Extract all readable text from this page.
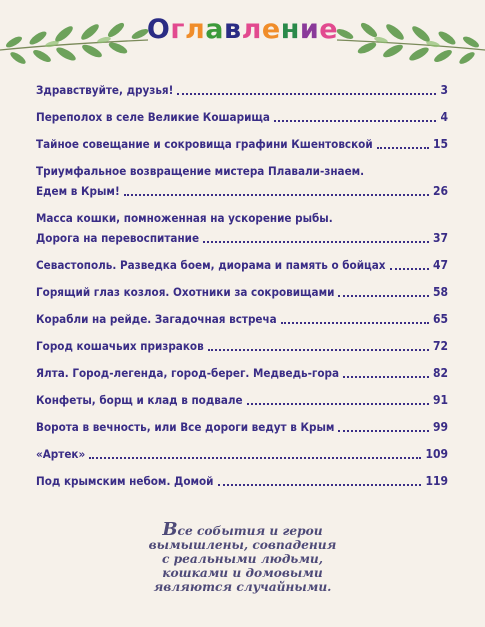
Оглавление
Здравствуйте, друзья!	3
Переполох в селе Великие Кошарища	4
Тайное совещание и сокровища графини Кшентовской	15
Триумфальное возвращение мистера Плавали-знаем.
Едем в Крым!	26
Масса кошки, помноженная на ускорение рыбы.
Дорога на перевоспитание	37
Севастополь. Разведка боем, диорама и память о бойцах	47
Горящий глаз козлоя. Охотники за сокровищами	58
Корабли на рейде. Загадочная встреча	65
Город кошачьих призраков	72
Ялта. Город-легенда, город-берег. Медведь-гора	82
Конфеты, борщ и клад в подвале	91
Ворота в вечность, или Все дороги ведут в Крым	99
«Артек»	109
Под крымским небом. Домой	119
Все события и герои
вымышлены, совпадения
с реальными людьми,
кошками и домовыми
являются случайными.
